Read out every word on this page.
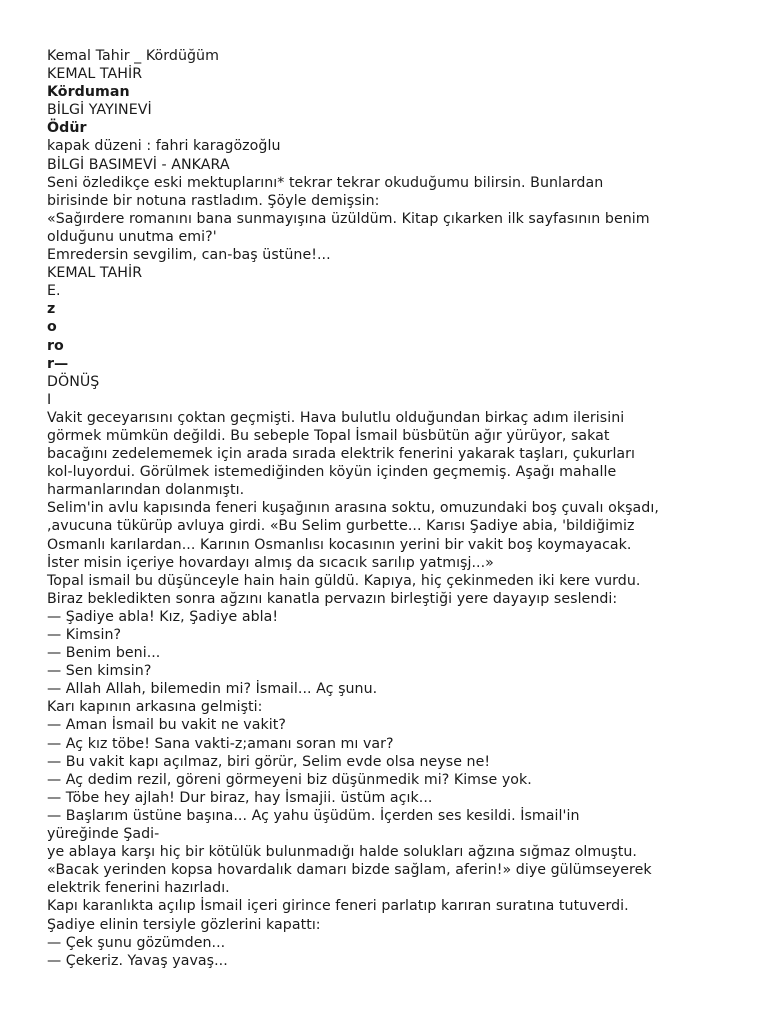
Kemal Tahir _ Kördüğüm
KEMAL TAHİR
Körduman
BİLGİ YAYINEVİ
Ödür
kapak düzeni : fahri karagözoğlu
BİLGİ BASIMEVİ - ANKARA
Seni özledikçe eski mektuplarını* tekrar tekrar okuduğumu bilirsin. Bunlardan
birisinde bir notuna rastladım. Şöyle demişsin:
«Sağırdere romanını bana sunmayışına üzüldüm. Kitap çıkarken ilk sayfasının benim
olduğunu unutma emi?'
Emredersin sevgilim, can-baş üstüne!...
KEMAL TAHİR
E.
z
o
ro
r—
DÖNÜŞ
I
Vakit geceyarısını çoktan geçmişti. Hava bulutlu olduğundan birkaç adım ilerisini
görmek mümkün değildi. Bu sebeple Topal İsmail büsbütün ağır yürüyor, sakat
bacağını zedelememek için arada sırada elektrik fenerini yakarak taşları, çukurları
kol-luyordui. Görülmek istemediğinden köyün içinden geçmemiş. Aşağı mahalle
harmanlarından dolanmıştı.
Selim'in avlu kapısında feneri kuşağının arasına soktu, omuzundaki boş çuvalı okşadı,
,avucuna tükürüp avluya girdi. «Bu Selim gurbette... Karısı Şadiye abia, 'bildiğimiz
Osmanlı karılardan... Karının Osmanlısı kocasının yerini bir vakit boş koymayacak.
İster misin içeriye hovardayı almış da sıcacık sarılıp yatmışj...»
Topal ismail bu düşünceyle hain hain güldü. Kapıya, hiç çekinmeden iki kere vurdu.
Biraz bekledikten sonra ağzını kanatla pervazın birleştiği yere dayayıp seslendi:
— Şadiye abla! Kız, Şadiye abla!
— Kimsin?
— Benim beni...
— Sen kimsin?
— Allah Allah, bilemedin mi? İsmail... Aç şunu.
Karı kapının arkasına gelmişti:
— Aman İsmail bu vakit ne vakit?
— Aç kız töbe! Sana vakti-z;amanı soran mı var?
— Bu vakit kapı açılmaz, biri görür, Selim evde olsa neyse ne!
— Aç dedim rezil, göreni görmeyeni biz düşünmedik mi? Kimse yok.
— Töbe hey ajlah! Dur biraz, hay İsmajii. üstüm açık...
— Başlarım üstüne başına... Aç yahu üşüdüm. İçerden ses kesildi. İsmail'in
yüreğinde Şadi-
ye ablaya karşı hiç bir kötülük bulunmadığı halde solukları ağzına sığmaz olmuştu.
«Bacak yerinden kopsa hovardalık damarı bizde sağlam, aferin!» diye gülümseyerek
elektrik fenerini hazırladı.
Kapı karanlıkta açılıp İsmail içeri girince feneri parlatıp karıran suratına tutuverdi.
Şadiye elinin tersiyle gözlerini kapattı:
— Çek şunu gözümden...
— Çekeriz. Yavaş yavaş...
